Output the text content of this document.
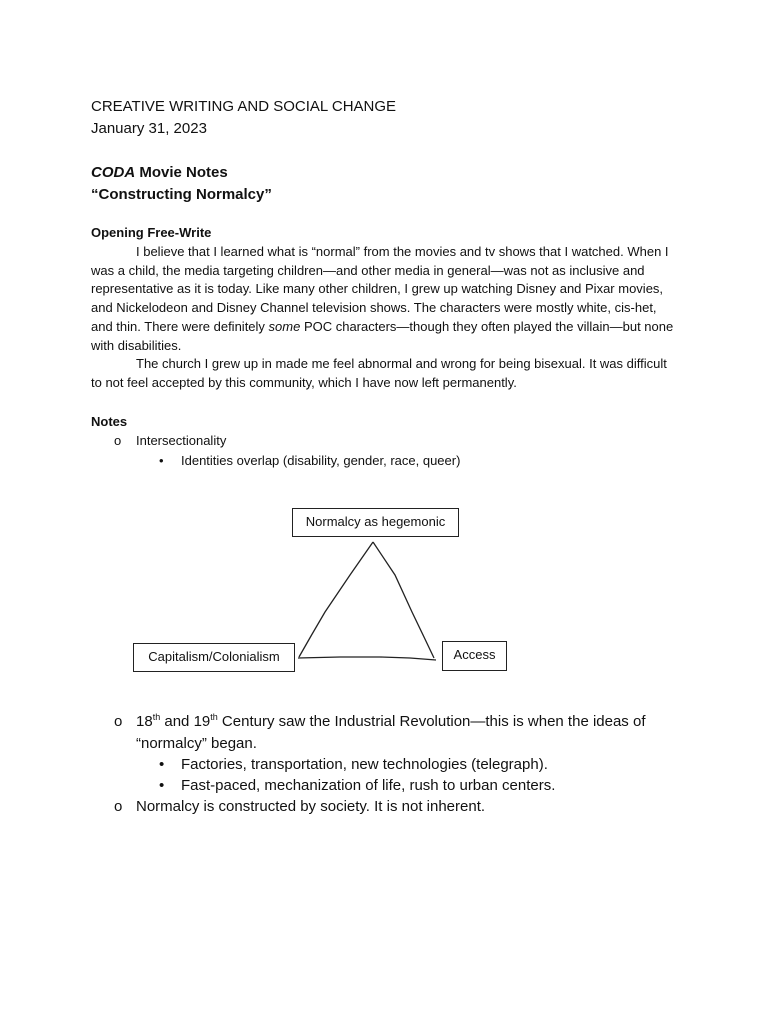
CREATIVE WRITING AND SOCIAL CHANGE
January 31, 2023
CODA Movie Notes
“Constructing Normalcy”
Opening Free-Write
I believe that I learned what is “normal” from the movies and tv shows that I watched. When I was a child, the media targeting children—and other media in general—was not as inclusive and representative as it is today. Like many other children, I grew up watching Disney and Pixar movies, and Nickelodeon and Disney Channel television shows. The characters were mostly white, cis-het, and thin. There were definitely some POC characters—though they often played the villain—but none with disabilities.
The church I grew up in made me feel abnormal and wrong for being bisexual. It was difficult to not feel accepted by this community, which I have now left permanently.
Notes
o Intersectionality
• Identities overlap (disability, gender, race, queer)
Normalcy as hegemonic
Capitalism/Colonialism	Access
o 18th and 19th Century saw the Industrial Revolution—this is when the ideas of
“normalcy” began.
• Factories, transportation, new technologies (telegraph).
• Fast-paced, mechanization of life, rush to urban centers.
o Normalcy is constructed by society. It is not inherent.
